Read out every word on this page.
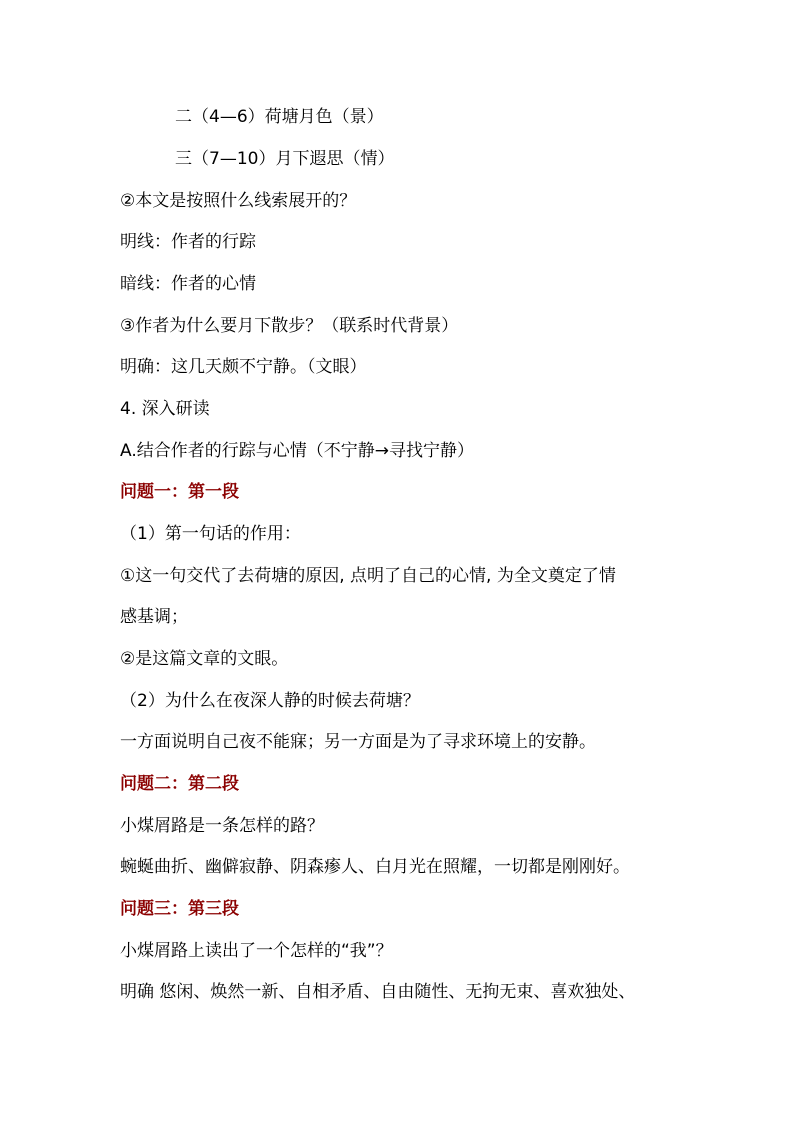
二（4—6）荷塘月色（景）
三（7—10）月下遐思（情）
②本文是按照什么线索展开的？
明线：作者的行踪
暗线：作者的心情
③作者为什么要月下散步？（联系时代背景）
明确：这几天颇不宁静。（文眼）
4. 深入研读
A.结合作者的行踪与心情（不宁静→寻找宁静）
问题一：第一段
（1）第一句话的作用：
①这一句交代了去荷塘的原因, 点明了自己的心情, 为全文奠定了情
感基调；
②是这篇文章的文眼。
（2）为什么在夜深人静的时候去荷塘？
一方面说明自己夜不能寐；另一方面是为了寻求环境上的安静。
问题二：第二段
小煤屑路是一条怎样的路？
蜿蜒曲折、幽僻寂静、阴森瘆人、白月光在照耀，一切都是刚刚好。
问题三：第三段
小煤屑路上读出了一个怎样的“我”？
明确 悠闲、焕然一新、自相矛盾、自由随性、无拘无束、喜欢独处、
